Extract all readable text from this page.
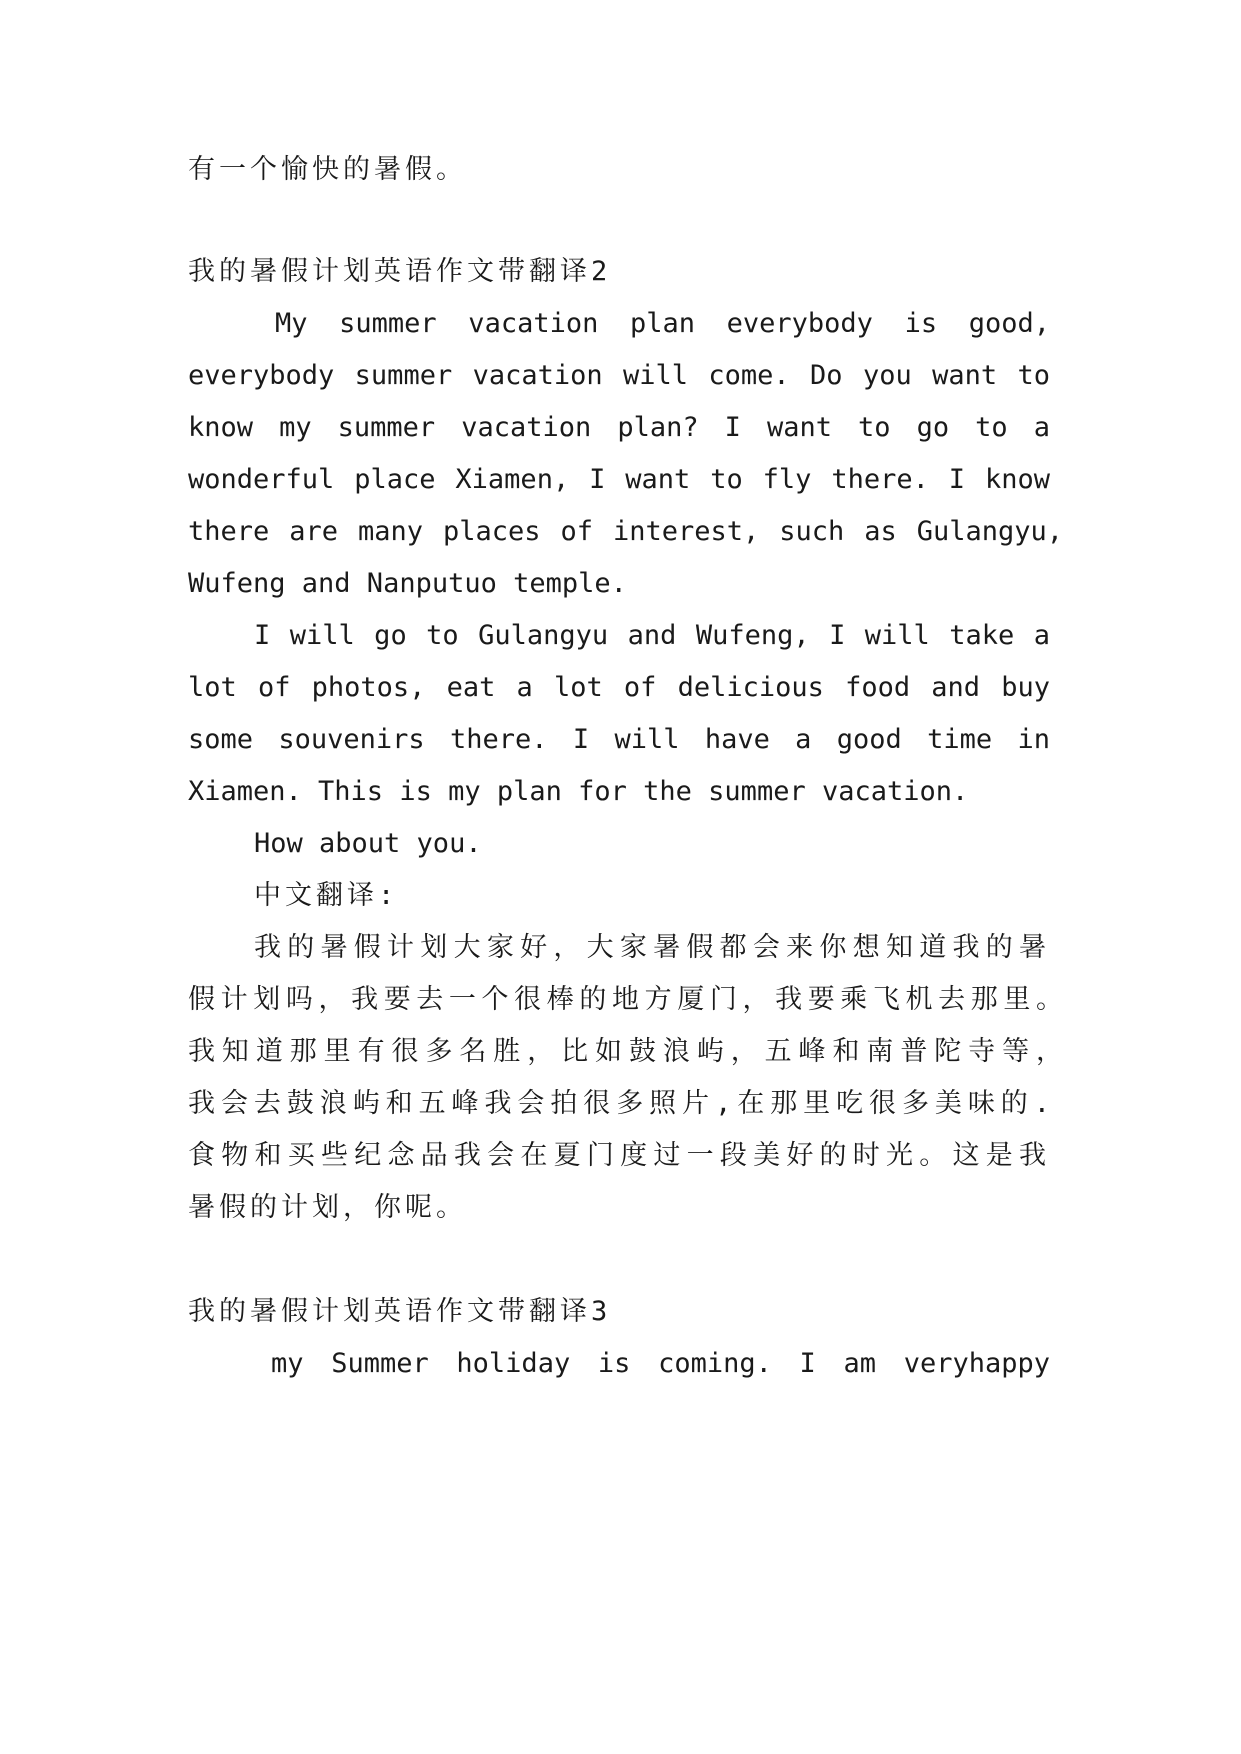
有一个愉快的暑假。

我的暑假计划英语作文带翻译2

My summer vacation plan everybody is good,

everybody summer vacation will come. Do you want to

know my summer vacation plan? I want to go to a

wonderful place Xiamen, I want to fly there. I know

there are many places of interest, such as Gulangyu,

Wufeng and Nanputuo temple.

I will go to Gulangyu and Wufeng, I will take a

lot of photos, eat a lot of delicious food and buy

some souvenirs there. I will have a good time in

Xiamen. This is my plan for the summer vacation.

How about you.

中文翻译:

我的暑假计划大家好，大家暑假都会来你想知道我的暑

假计划吗，我要去一个很棒的地方厦门，我要乘飞机去那里。

我知道那里有很多名胜，比如鼓浪屿，五峰和南普陀寺等，

我会去鼓浪屿和五峰我会拍很多照片,在那里吃很多美味的.

食物和买些纪念品我会在夏门度过一段美好的时光。这是我

暑假的计划，你呢。

我的暑假计划英语作文带翻译3

my Summer holiday is coming. I am veryhappy
